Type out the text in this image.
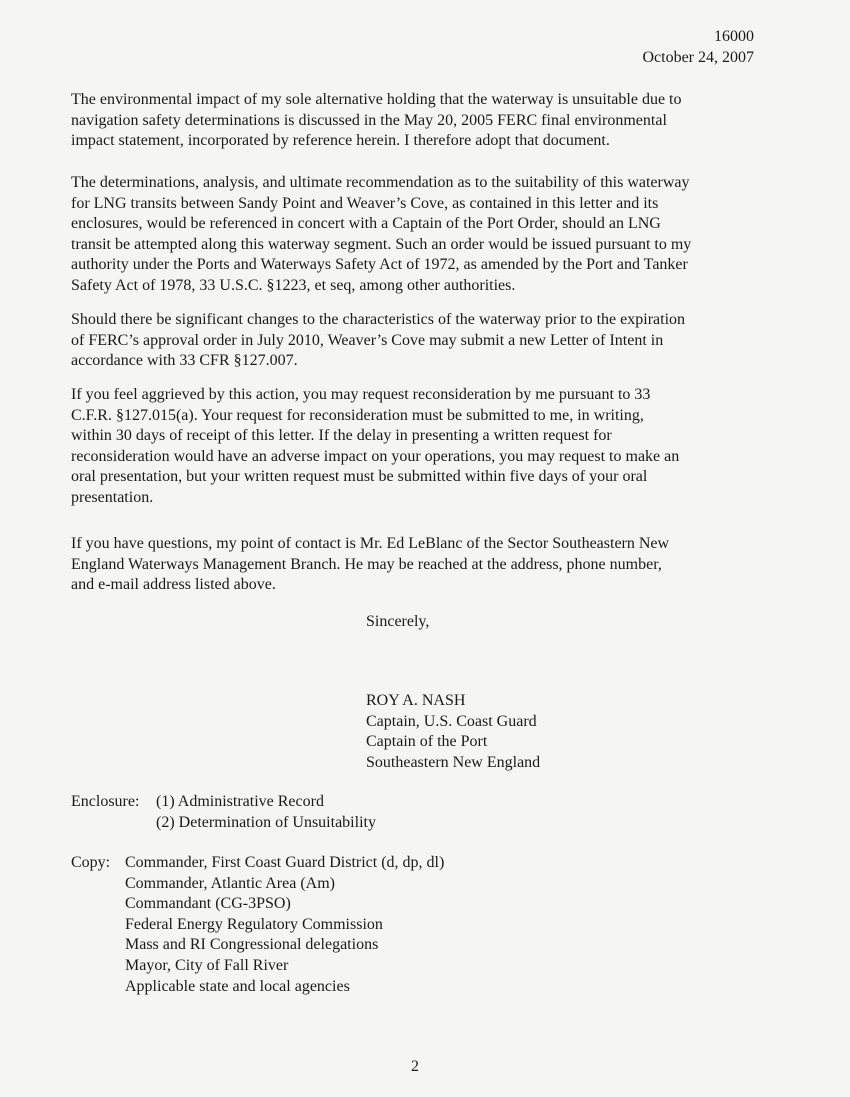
16000
October 24, 2007

The environmental impact of my sole alternative holding that the waterway is unsuitable due to
navigation safety determinations is discussed in the May 20, 2005 FERC final environmental
impact statement, incorporated by reference herein. I therefore adopt that document.

The determinations, analysis, and ultimate recommendation as to the suitability of this waterway
for LNG transits between Sandy Point and Weaver’s Cove, as contained in this letter and its
enclosures, would be referenced in concert with a Captain of the Port Order, should an LNG
transit be attempted along this waterway segment. Such an order would be issued pursuant to my
authority under the Ports and Waterways Safety Act of 1972, as amended by the Port and Tanker
Safety Act of 1978, 33 U.S.C. §1223, et seq, among other authorities.

Should there be significant changes to the characteristics of the waterway prior to the expiration
of FERC’s approval order in July 2010, Weaver’s Cove may submit a new Letter of Intent in
accordance with 33 CFR §127.007.

If you feel aggrieved by this action, you may request reconsideration by me pursuant to 33
C.F.R. §127.015(a). Your request for reconsideration must be submitted to me, in writing,
within 30 days of receipt of this letter. If the delay in presenting a written request for
reconsideration would have an adverse impact on your operations, you may request to make an
oral presentation, but your written request must be submitted within five days of your oral
presentation.

If you have questions, my point of contact is Mr. Ed LeBlanc of the Sector Southeastern New
England Waterways Management Branch. He may be reached at the address, phone number,
and e-mail address listed above.

Sincerely,
ROY A. NASH
Captain, U.S. Coast Guard
Captain of the Port
Southeastern New England
Enclosure:	(1) Administrative Record
(2) Determination of Unsuitability
Copy: Commander, First Coast Guard District (d, dp, dl)
Commander, Atlantic Area (Am)
Commandant (CG-3PSO)
Federal Energy Regulatory Commission
Mass and RI Congressional delegations
Mayor, City of Fall River
Applicable state and local agencies
2
